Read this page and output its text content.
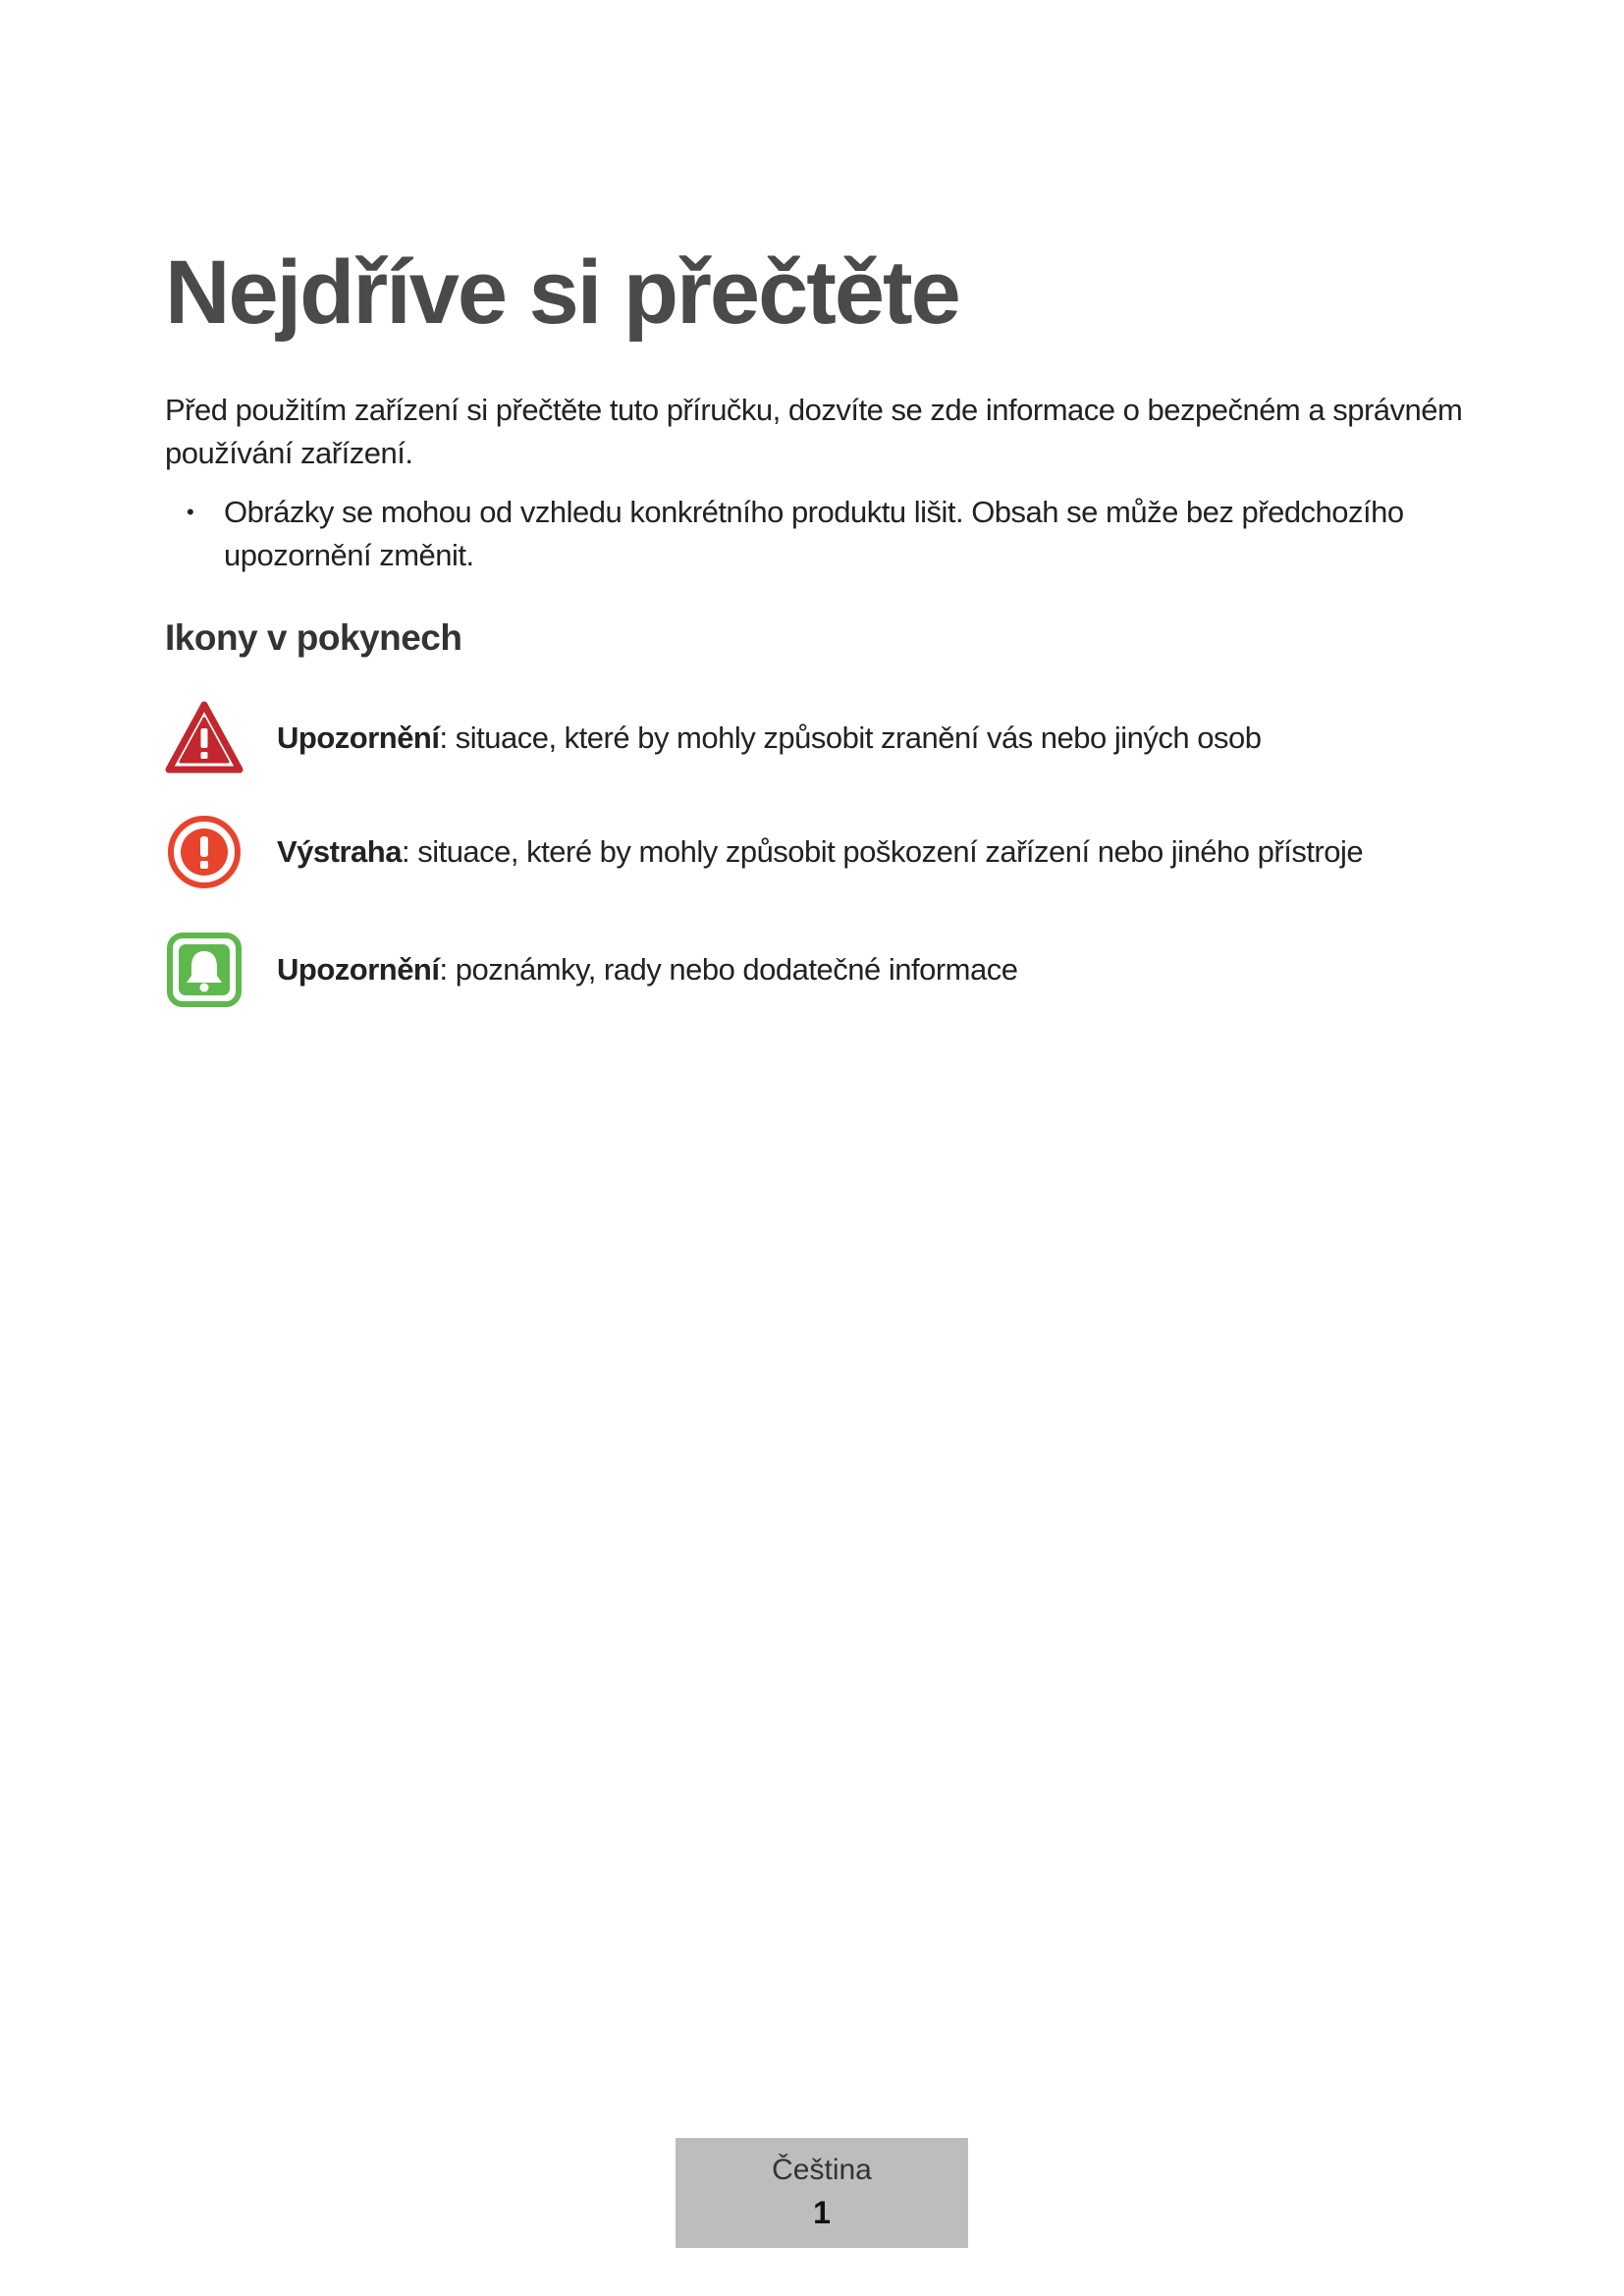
Nejdříve si přečtěte

Před použitím zařízení si přečtěte tuto příručku, dozvíte se zde informace o bezpečném a správném používání zařízení.

• Obrázky se mohou od vzhledu konkrétního produktu lišit. Obsah se může bez předchozího upozornění změnit.
Ikony v pokynech
Upozornění: situace, které by mohly způsobit zranění vás nebo jiných osob
Výstraha: situace, které by mohly způsobit poškození zařízení nebo jiného přístroje
Upozornění: poznámky, rady nebo dodatečné informace
Čeština
1
